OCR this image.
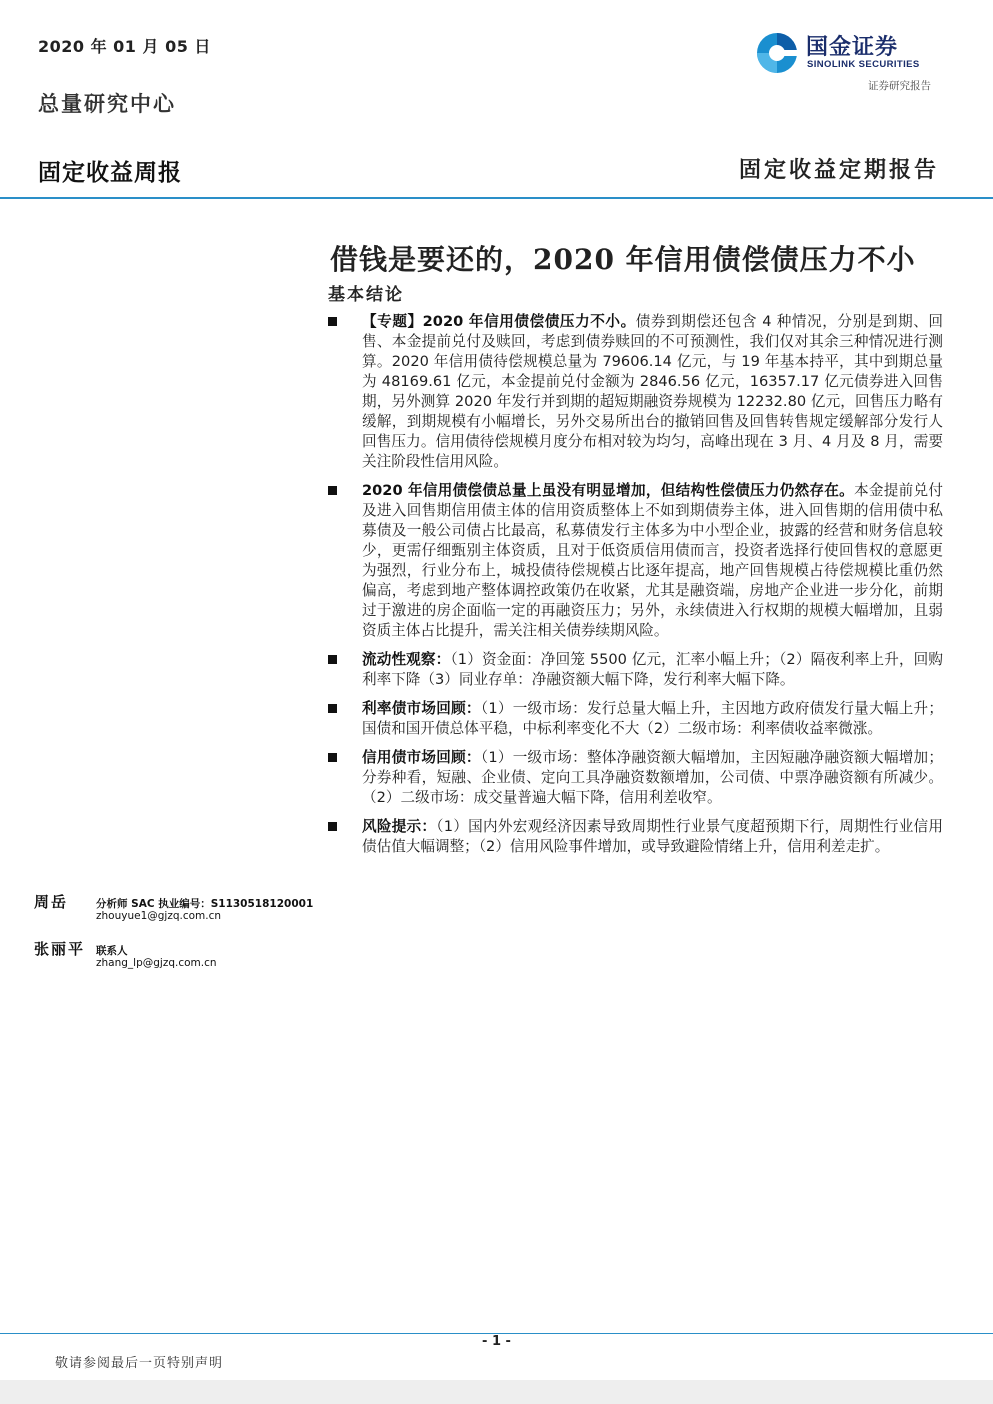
2020 年 01 月 05 日
总量研究中心
国金证券
SINOLINK SECURITIES
证券研究报告
固定收益周报	固定收益定期报告
借钱是要还的，2020 年信用债偿债压力不小
基本结论
【专题】2020 年信用债偿债压力不小。债券到期偿还包含 4 种情况，分别是到期、回售、本金提前兑付及赎回，考虑到债券赎回的不可预测性，我们仅对其余三种情况进行测算。2020 年信用债待偿规模总量为 79606.14 亿元，与 19 年基本持平，其中到期总量为 48169.61 亿元，本金提前兑付金额为 2846.56 亿元，16357.17 亿元债券进入回售期，另外测算 2020 年发行并到期的超短期融资券规模为 12232.80 亿元，回售压力略有缓解，到期规模有小幅增长，另外交易所出台的撤销回售及回售转售规定缓解部分发行人回售压力。信用债待偿规模月度分布相对较为均匀，高峰出现在 3 月、4 月及 8 月，需要关注阶段性信用风险。
2020 年信用债偿债总量上虽没有明显增加，但结构性偿债压力仍然存在。本金提前兑付及进入回售期信用债主体的信用资质整体上不如到期债券主体，进入回售期的信用债中私募债及一般公司债占比最高，私募债发行主体多为中小型企业，披露的经营和财务信息较少，更需仔细甄别主体资质，且对于低资质信用债而言，投资者选择行使回售权的意愿更为强烈，行业分布上，城投债待偿规模占比逐年提高，地产回售规模占待偿规模比重仍然偏高，考虑到地产整体调控政策仍在收紧，尤其是融资端，房地产企业进一步分化，前期过于激进的房企面临一定的再融资压力；另外，永续债进入行权期的规模大幅增加，且弱资质主体占比提升，需关注相关债券续期风险。
流动性观察：（1）资金面：净回笼 5500 亿元，汇率小幅上升；（2）隔夜利率上升，回购利率下降（3）同业存单：净融资额大幅下降，发行利率大幅下降。
利率债市场回顾：（1）一级市场：发行总量大幅上升，主因地方政府债发行量大幅上升；国债和国开债总体平稳，中标利率变化不大（2）二级市场：利率债收益率微涨。
信用债市场回顾：（1）一级市场：整体净融资额大幅增加，主因短融净融资额大幅增加；分券种看，短融、企业债、定向工具净融资数额增加，公司债、中票净融资额有所减少。（2）二级市场：成交量普遍大幅下降，信用利差收窄。
风险提示：（1）国内外宏观经济因素导致周期性行业景气度超预期下行，周期性行业信用债估值大幅调整；（2）信用风险事件增加，或导致避险情绪上升，信用利差走扩。
周岳	分析师 SAC 执业编号：S1130518120001
zhouyue1@gjzq.com.cn
张丽平 联系人
zhang_lp@gjzq.com.cn
- 1 -
敬请参阅最后一页特别声明
